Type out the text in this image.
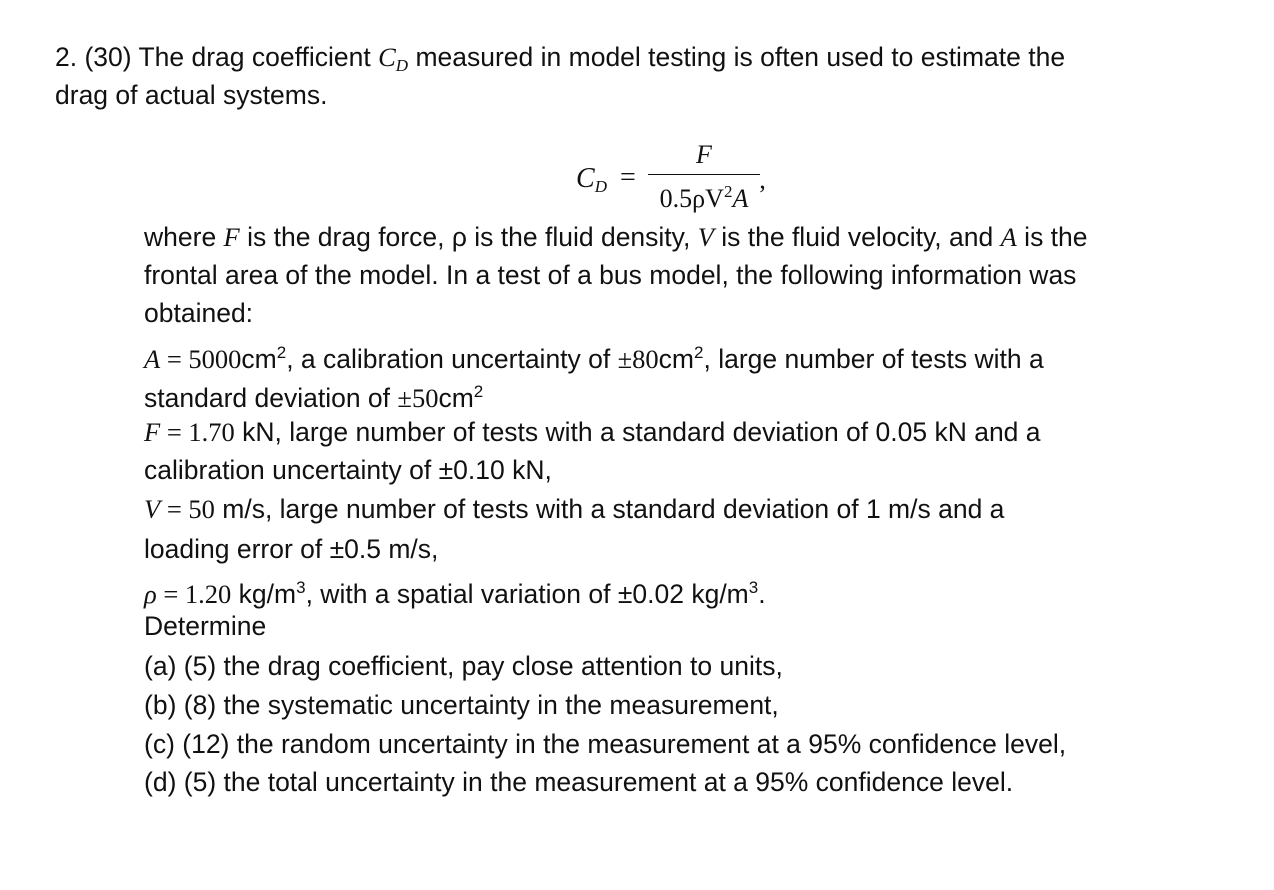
2. (30) The drag coefficient $C_D$ measured in model testing is often used to estimate the
drag of actual systems.
$C_D$ =
F
$0.5\rho V^2A$ ’
where F is the drag force, ρ is the fluid density, V is the fluid velocity, and A is the
frontal area of the model. In a test of a bus model, the following information was
obtained:
$A = 5000cm^2$, a calibration uncertainty of $\pm 80cm^2$, large number of tests with a
standard deviation of $\pm 50cm^2$
F = 1.70 kN, large number of tests with a standard deviation of 0.05 kN and a
calibration uncertainty of ±0.10 kN,
V = 50 m/s, large number of tests with a standard deviation of 1 m/s and a
loading error of ±0.5 m/s,
ρ = 1.20 $kg/m^3$, with a spatial variation of ±0.02 $kg/m^3$.
Determine
(a) (5) the drag coefficient, pay close attention to units,
(b) (8) the systematic uncertainty in the measurement,
(c) (12) the random uncertainty in the measurement at a 95% confidence level,
(d) (5) the total uncertainty in the measurement at a 95% confidence level.
